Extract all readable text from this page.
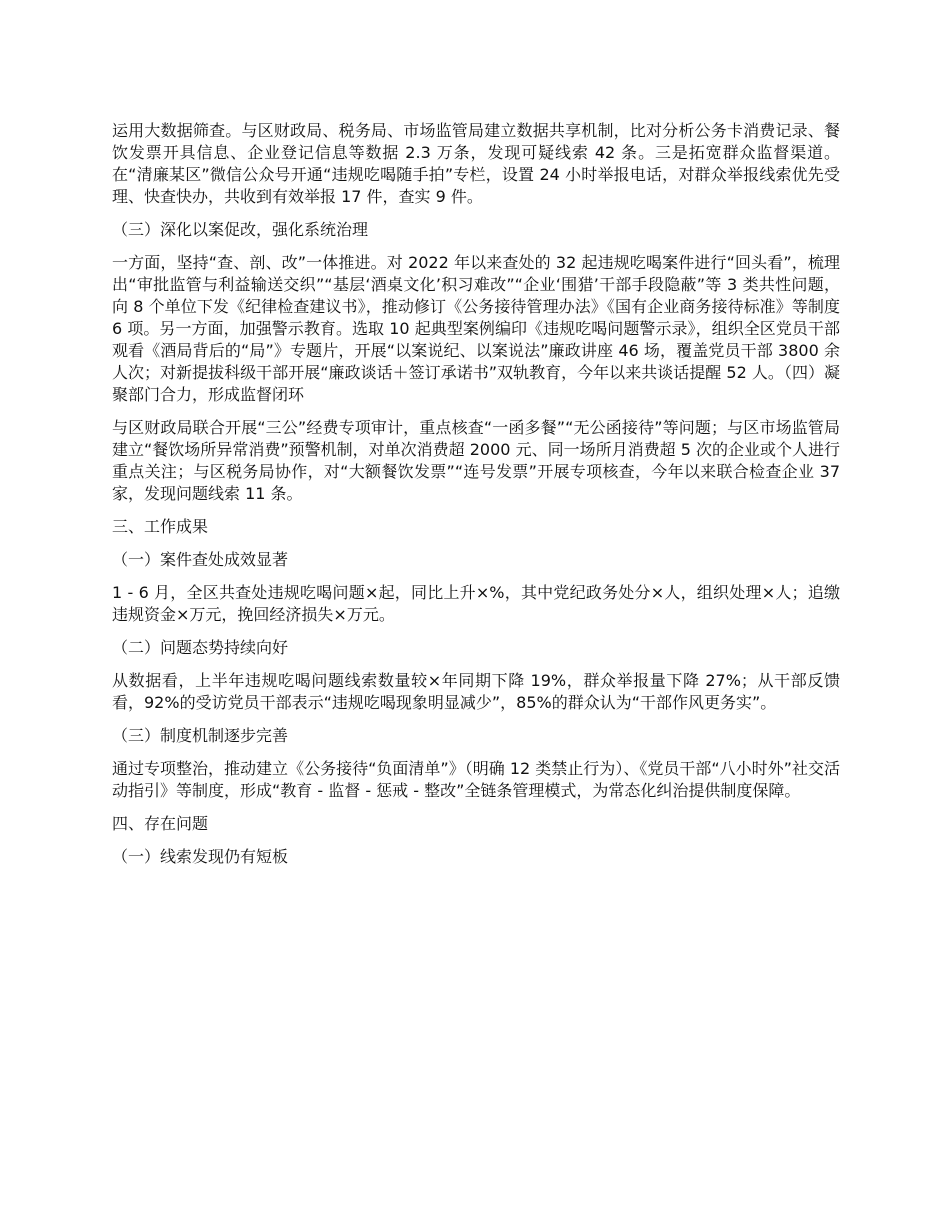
运用大数据筛查。与区财政局、税务局、市场监管局建立数据共享机制，比对分析公务卡消费记录、餐饮发票开具信息、企业登记信息等数据 2.3 万条，发现可疑线索 42 条。三是拓宽群众监督渠道。在“清廉某区”微信公众号开通“违规吃喝随手拍”专栏，设置 24 小时举报电话，对群众举报线索优先受理、快查快办，共收到有效举报 17 件，查实 9 件。

（三）深化以案促改，强化系统治理

一方面，坚持“查、剖、改”一体推进。对 2022 年以来查处的 32 起违规吃喝案件进行“回头看”，梳理出“审批监管与利益输送交织”“基层‘酒桌文化’积习难改”“企业‘围猎’干部手段隐蔽”等 3 类共性问题，向 8 个单位下发《纪律检查建议书》，推动修订《公务接待管理办法》《国有企业商务接待标准》等制度 6 项。另一方面，加强警示教育。选取 10 起典型案例编印《违规吃喝问题警示录》，组织全区党员干部观看《酒局背后的“局”》专题片，开展“以案说纪、以案说法”廉政讲座 46 场，覆盖党员干部 3800 余人次；对新提拔科级干部开展“廉政谈话＋签订承诺书”双轨教育，今年以来共谈话提醒 52 人。（四）凝聚部门合力，形成监督闭环

与区财政局联合开展“三公”经费专项审计，重点核查“一函多餐”“无公函接待”等问题；与区市场监管局建立“餐饮场所异常消费”预警机制，对单次消费超 2000 元、同一场所月消费超 5 次的企业或个人进行重点关注；与区税务局协作，对“大额餐饮发票”“连号发票”开展专项核查，今年以来联合检查企业 37 家，发现问题线索 11 条。

三、工作成果

（一）案件查处成效显著

1 - 6 月，全区共查处违规吃喝问题×起，同比上升×%，其中党纪政务处分×人，组织处理×人；追缴违规资金×万元，挽回经济损失×万元。

（二）问题态势持续向好

从数据看，上半年违规吃喝问题线索数量较×年同期下降 19%，群众举报量下降 27%；从干部反馈看，92%的受访党员干部表示“违规吃喝现象明显减少”，85%的群众认为“干部作风更务实”。

（三）制度机制逐步完善

通过专项整治，推动建立《公务接待“负面清单”》（明确 12 类禁止行为）、《党员干部“八小时外”社交活动指引》等制度，形成“教育 - 监督 - 惩戒 - 整改”全链条管理模式，为常态化纠治提供制度保障。

四、存在问题

（一）线索发现仍有短板
